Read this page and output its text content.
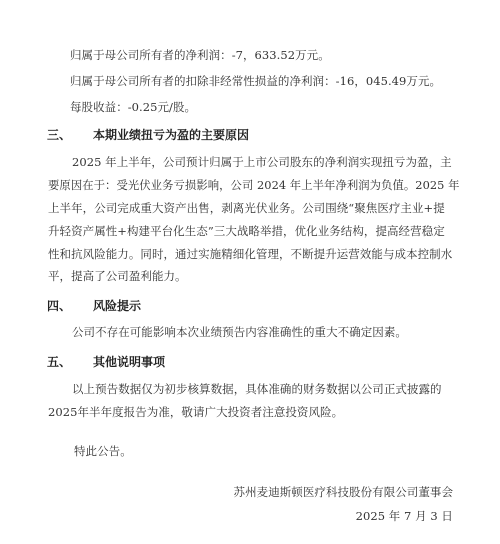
归属于母公司所有者的净利润：-7，633.52万元。
归属于母公司所有者的扣除非经常性损益的净利润：-16，045.49万元。
每股收益：-0.25元/股。
三、 本期业绩扭亏为盈的主要原因
2025 年上半年，公司预计归属于上市公司股东的净利润实现扭亏为盈，主
要原因在于：受光伏业务亏损影响，公司 2024 年上半年净利润为负值。2025 年
上半年，公司完成重大资产出售，剥离光伏业务。公司围绕“聚焦医疗主业+提
升轻资产属性+构建平台化生态”三大战略举措，优化业务结构，提高经营稳定
性和抗风险能力。同时，通过实施精细化管理，不断提升运营效能与成本控制水
平，提高了公司盈利能力。
四、 风险提示
公司不存在可能影响本次业绩预告内容准确性的重大不确定因素。
五、 其他说明事项
以上预告数据仅为初步核算数据，具体准确的财务数据以公司正式披露的
2025年半年度报告为准，敬请广大投资者注意投资风险。
特此公告。
苏州麦迪斯顿医疗科技股份有限公司董事会
2025 年 7 月 3 日
